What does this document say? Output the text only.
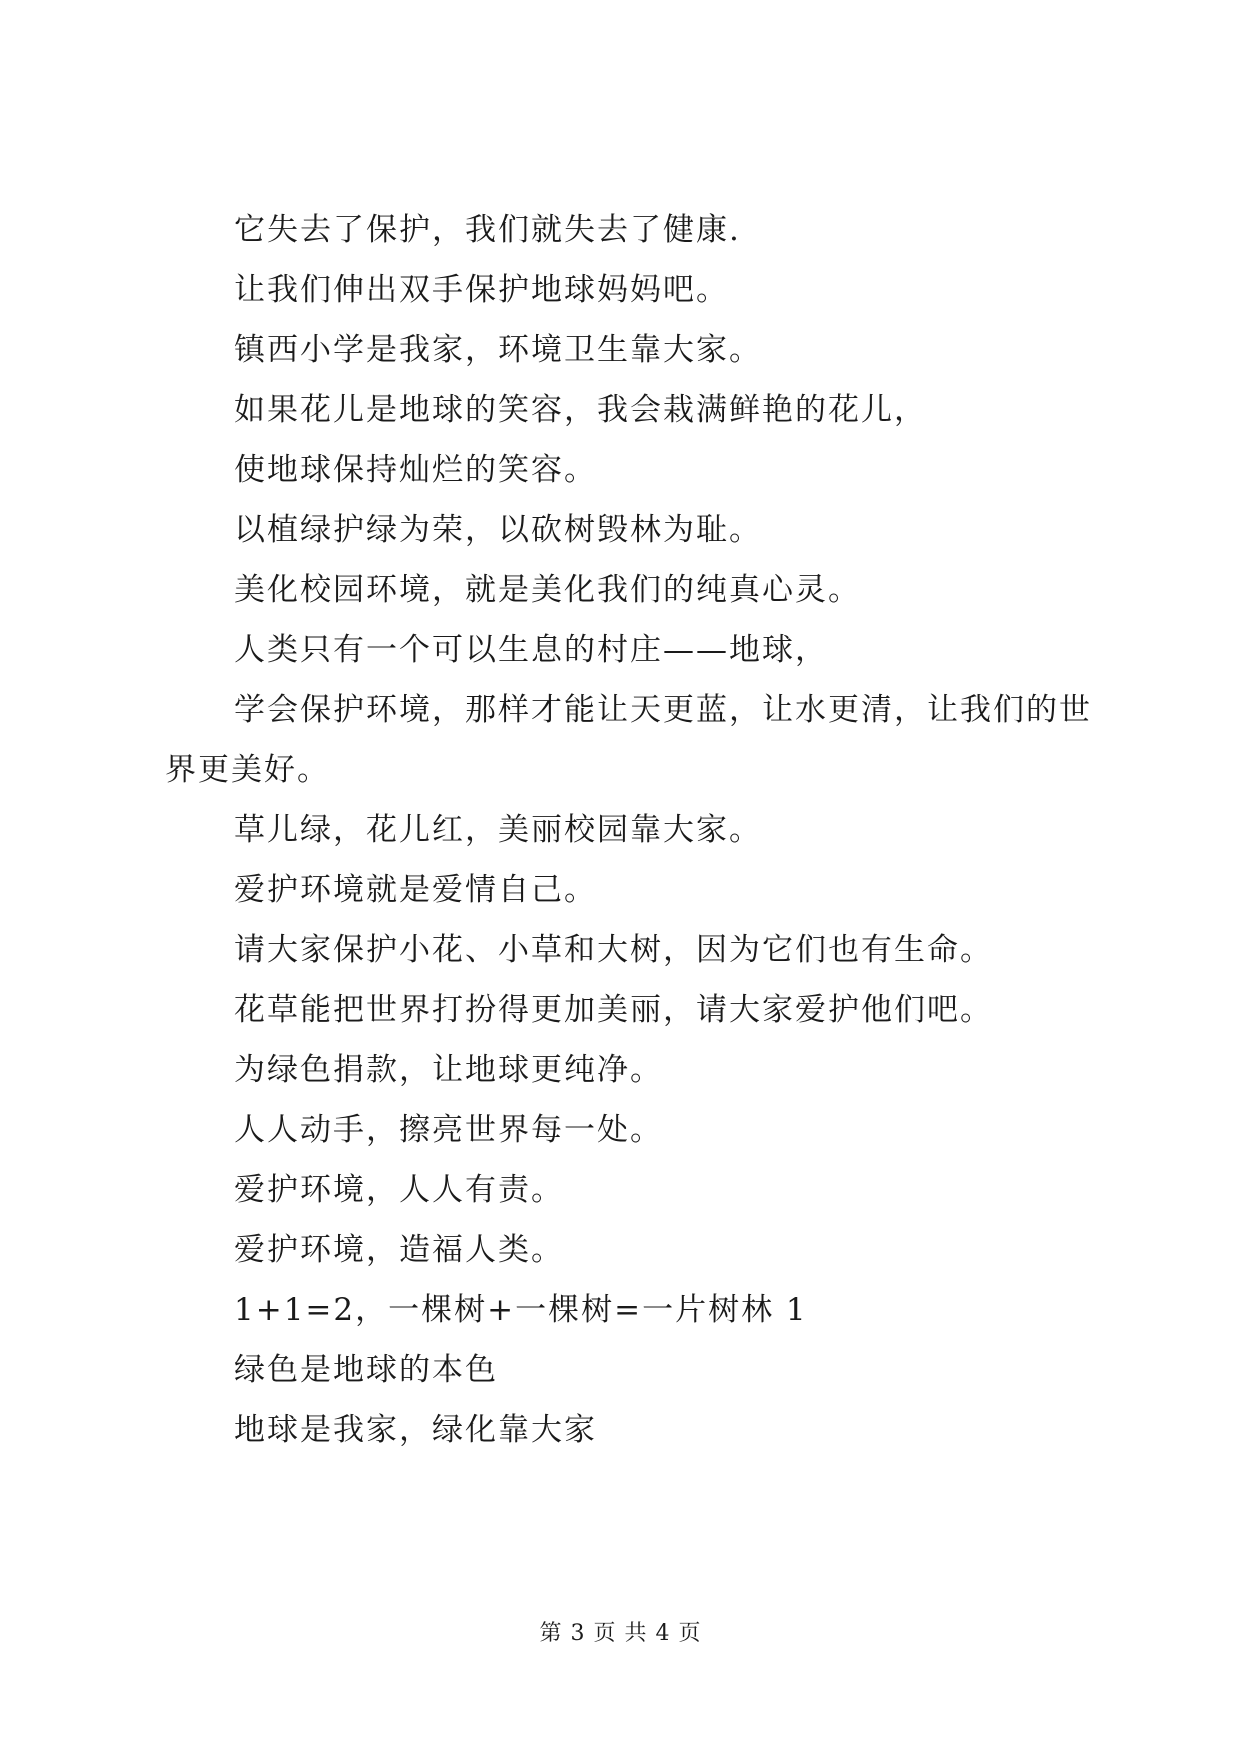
它失去了保护，我们就失去了健康.
让我们伸出双手保护地球妈妈吧。
镇西小学是我家，环境卫生靠大家。
如果花儿是地球的笑容，我会栽满鲜艳的花儿，
使地球保持灿烂的笑容。
以植绿护绿为荣，以砍树毁林为耻。
美化校园环境，就是美化我们的纯真心灵。
人类只有一个可以生息的村庄——地球，
学会保护环境，那样才能让天更蓝，让水更清，让我们的世
界更美好。
草儿绿，花儿红，美丽校园靠大家。
爱护环境就是爱情自己。
请大家保护小花、小草和大树，因为它们也有生命。
花草能把世界打扮得更加美丽，请大家爱护他们吧。
为绿色捐款，让地球更纯净。
人人动手，擦亮世界每一处。
爱护环境，人人有责。
爱护环境，造福人类。
1+1=2，一棵树+一棵树=一片树林 1
绿色是地球的本色
地球是我家，绿化靠大家
第 3 页 共 4 页
